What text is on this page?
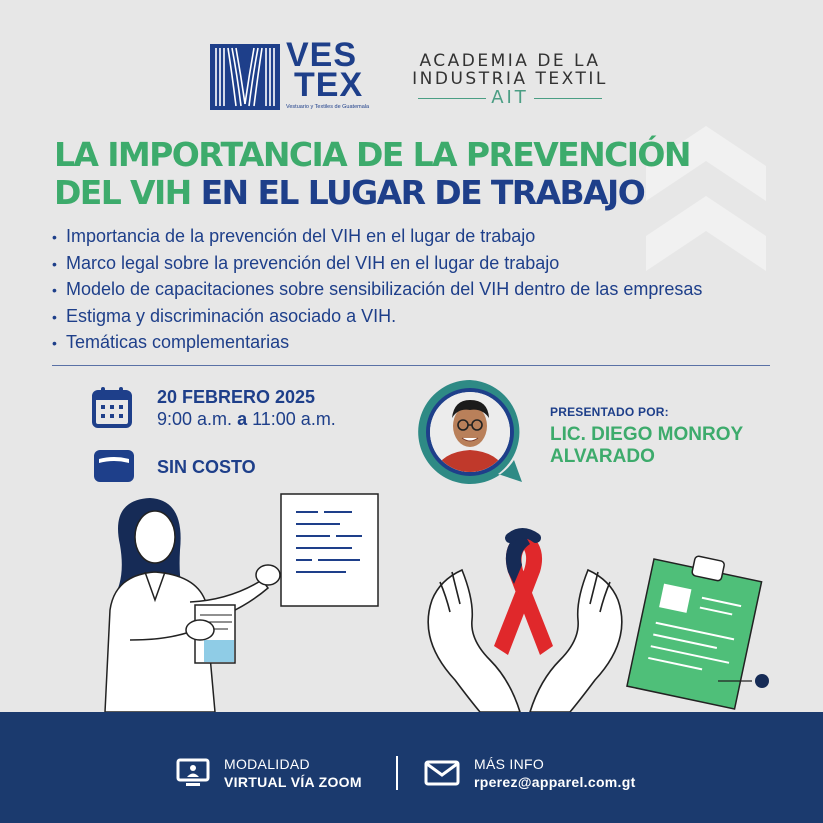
VES
TEX
Vestuario y Textiles de Guatemala
ACADEMIA DE LA
INDUSTRIA TEXTIL
AIT
LA IMPORTANCIA DE LA PREVENCIÓN
DEL VIH EN EL LUGAR DE TRABAJO
• Importancia de la prevención del VIH en el lugar de trabajo
• Marco legal sobre la prevención del VIH en el lugar de trabajo
• Modelo de capacitaciones sobre sensibilización del VIH dentro de las empresas
• Estigma y discriminación asociado a VIH.
• Temáticas complementarias
20 FEBRERO 2025
9:00 a.m. a 11:00 a.m.
SIN COSTO
PRESENTADO POR:
LIC. DIEGO MONROY
ALVARADO
MODALIDAD
VIRTUAL VÍA ZOOM
MÁS INFO
rperez@apparel.com.gt
